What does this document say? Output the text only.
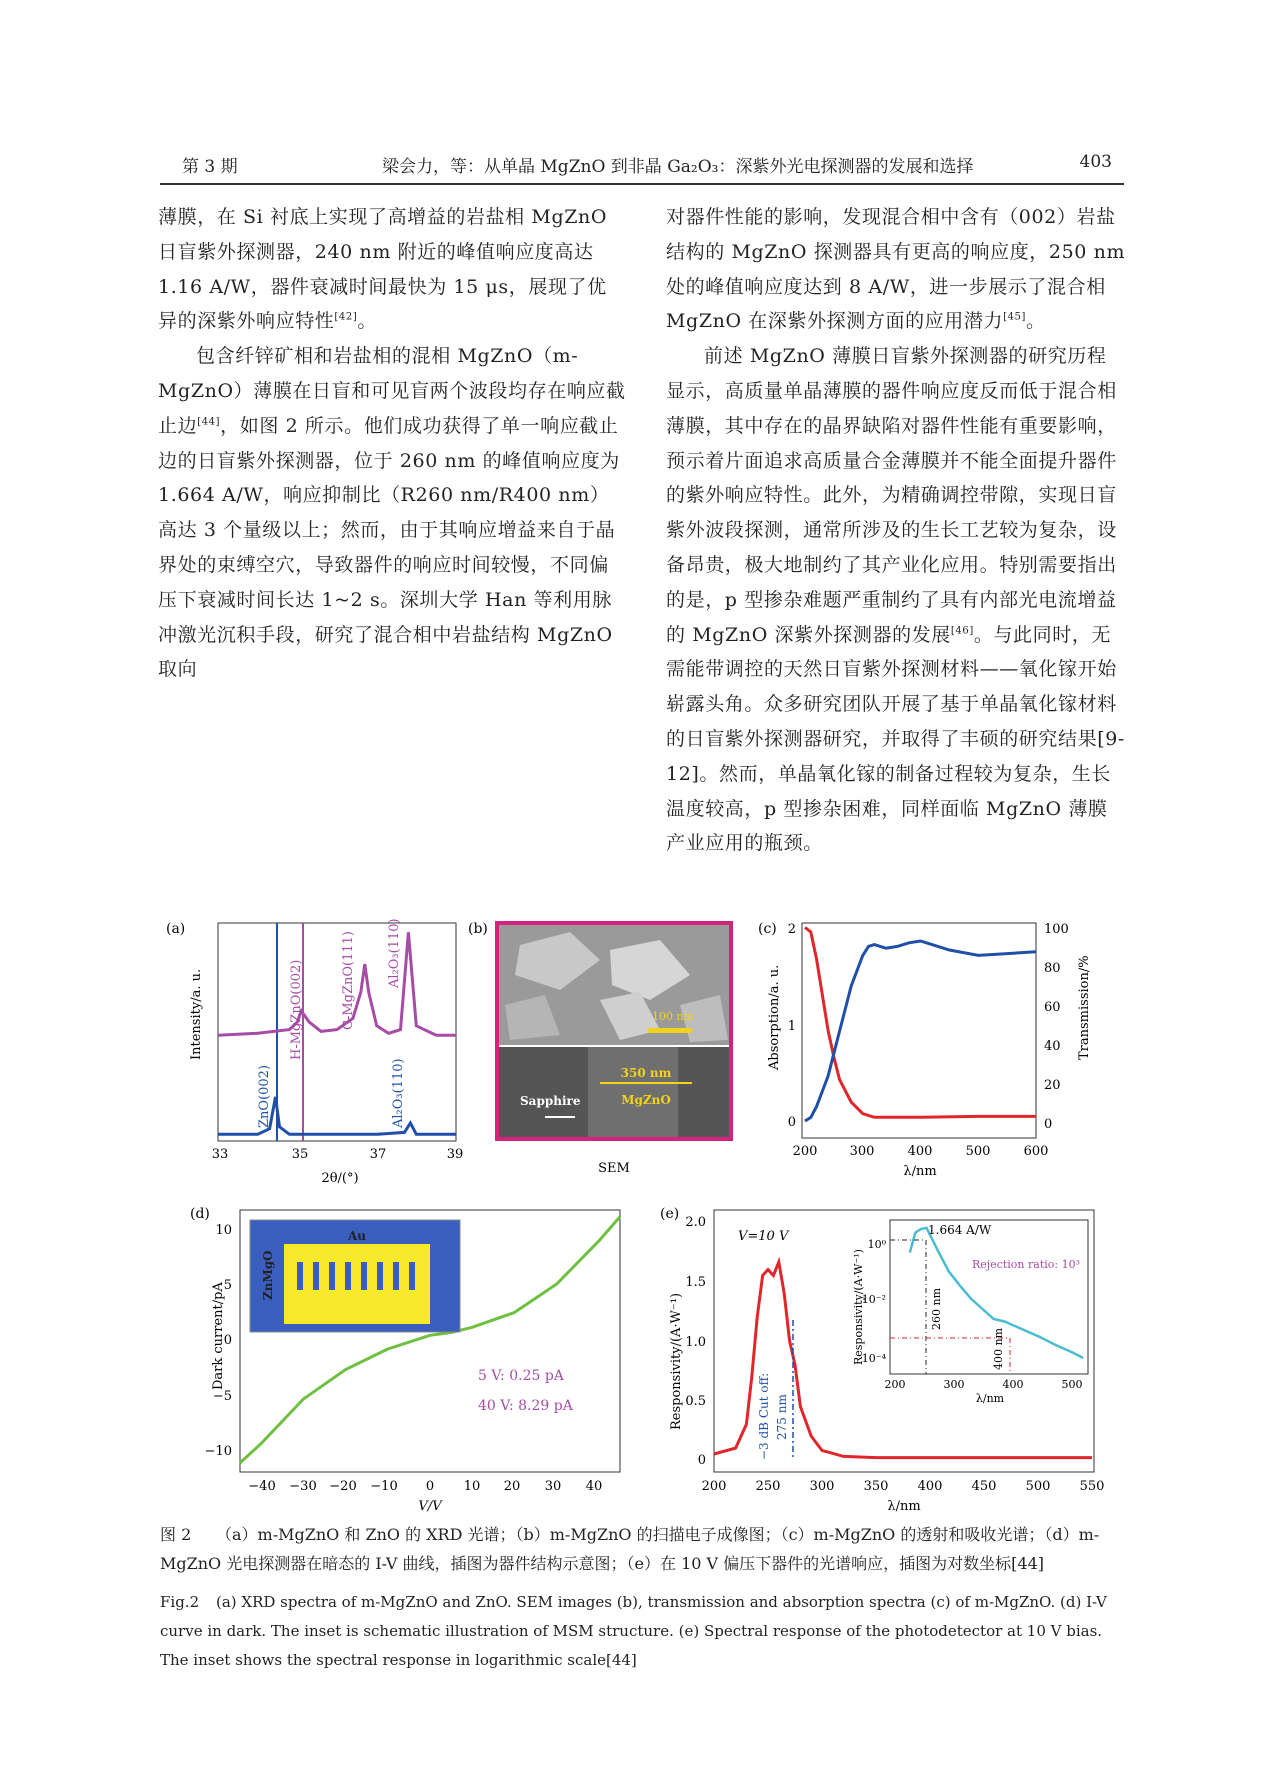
第 3 期	梁会力，等：从单晶 MgZnO 到非晶 Ga₂O₃：深紫外光电探测器的发展和选择	403

薄膜，在 Si 衬底上实现了高增益的岩盐相 MgZnO 日盲紫外探测器，240 nm 附近的峰值响应度高达 1.16 A/W，器件衰减时间最快为 15 μs，展现了优异的深紫外响应特性[42]。

包含纤锌矿相和岩盐相的混相 MgZnO（m-MgZnO）薄膜在日盲和可见盲两个波段均存在响应截止边[44]，如图 2 所示。他们成功获得了单一响应截止边的日盲紫外探测器，位于 260 nm 的峰值响应度为 1.664 A/W，响应抑制比（R260 nm/R400 nm）高达 3 个量级以上；然而，由于其响应增益来自于晶界处的束缚空穴，导致器件的响应时间较慢，不同偏压下衰减时间长达 1~2 s。深圳大学 Han 等利用脉冲激光沉积手段，研究了混合相中岩盐结构 MgZnO 取向

对器件性能的影响，发现混合相中含有（002）岩盐结构的 MgZnO 探测器具有更高的响应度，250 nm 处的峰值响应度达到 8 A/W，进一步展示了混合相 MgZnO 在深紫外探测方面的应用潜力[45]。

前述 MgZnO 薄膜日盲紫外探测器的研究历程显示，高质量单晶薄膜的器件响应度反而低于混合相薄膜，其中存在的晶界缺陷对器件性能有重要影响，预示着片面追求高质量合金薄膜并不能全面提升器件的紫外响应特性。此外，为精确调控带隙，实现日盲紫外波段探测，通常所涉及的生长工艺较为复杂，设备昂贵，极大地制约了其产业化应用。特别需要指出的是，p 型掺杂难题严重制约了具有内部光电流增益的 MgZnO 深紫外探测器的发展[46]。与此同时，无需能带调控的天然日盲紫外探测材料——氧化镓开始崭露头角。众多研究团队开展了基于单晶氧化镓材料的日盲紫外探测器研究，并取得了丰硕的研究结果[9-12]。然而，单晶氧化镓的制备过程较为复杂，生长温度较高，p 型掺杂困难，同样面临 MgZnO 薄膜产业应用的瓶颈。

(a)
H-MgZnO(002)	C-MgZnO(111) Al₂O₃(110)
ZnO(002)	Al₂O₃(110)
Intensity/a. u.
33	35	37	39
2θ/(°)
(b)
100 nm
350 nm
MgZnO
Sapphire
SEM
(c)
0
1
2
0
20
40
60
80
100
200 300	400	500	600
λ/nm
Absorption/a. u.	Transmission/%
(d)
Au
ZnMgO
5 V: 0.25 pA
40 V: 8.29 pA
10
5
0
−5
−10
−40 −30 −20 −10 0 10 20 30 40
V/V
Dark current/pA
(e)
−3 dB Cut off: 275 nm
V=10 V	1.664 A/W
Rejection ratio: 10³
260 nm
400 nm
10⁰
10⁻²
10⁻⁴
200	300	400	500
λ/nm
Responsivity/(A·W⁻¹)
0
0.5
1.0
1.5
2.0
200 250 300 350 400 450 500 550
λ/nm
Responsivity/(A·W⁻¹)
图 2 （a）m-MgZnO 和 ZnO 的 XRD 光谱；（b）m-MgZnO 的扫描电子成像图；（c）m-MgZnO 的透射和吸收光谱；（d）m-MgZnO 光电探测器在暗态的 I-V 曲线，插图为器件结构示意图；（e）在 10 V 偏压下器件的光谱响应，插图为对数坐标[44]
Fig.2 (a) XRD spectra of m-MgZnO and ZnO. SEM images (b), transmission and absorption spectra (c) of m-MgZnO. (d) I-V curve in dark. The inset is schematic illustration of MSM structure. (e) Spectral response of the photodetector at 10 V bias. The inset shows the spectral response in logarithmic scale[44]
